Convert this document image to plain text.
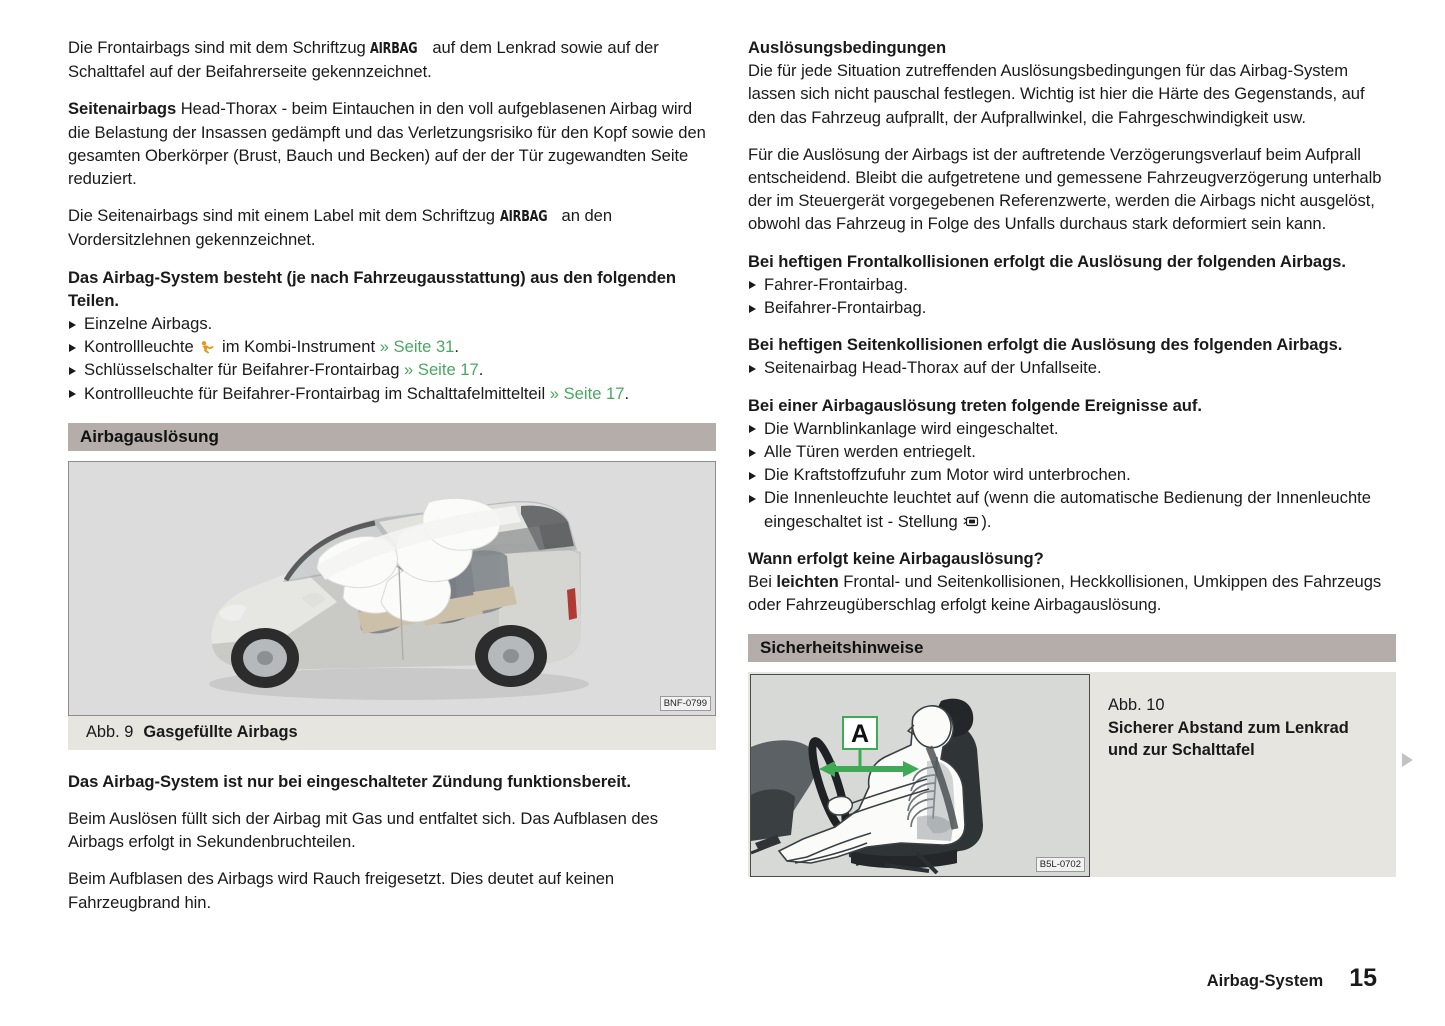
Die Frontairbags sind mit dem Schriftzug AIRBAG auf dem Lenkrad sowie auf der Schalttafel auf der Beifahrerseite gekennzeichnet.

Seitenairbags Head-Thorax - beim Eintauchen in den voll aufgeblasenen Airbag wird die Belastung der Insassen gedämpft und das Verletzungsrisiko für den Kopf sowie den gesamten Oberkörper (Brust, Bauch und Becken) auf der der Tür zugewandten Seite reduziert.

Die Seitenairbags sind mit einem Label mit dem Schriftzug AIRBAG an den Vordersitzlehnen gekennzeichnet.

Das Airbag-System besteht (je nach Fahrzeugausstattung) aus den folgenden Teilen.

Einzelne Airbags.
Kontrollleuchte  im Kombi-Instrument » Seite 31.
Schlüsselschalter für Beifahrer-Frontairbag » Seite 17.
Kontrollleuchte für Beifahrer-Frontairbag im Schalttafelmittelteil » Seite 17.
Airbagauslösung
BNF-0799
Abb. 9 Gasgefüllte Airbags

Das Airbag-System ist nur bei eingeschalteter Zündung funktionsbereit.

Beim Auslösen füllt sich der Airbag mit Gas und entfaltet sich. Das Aufblasen des Airbags erfolgt in Sekundenbruchteilen.

Beim Aufblasen des Airbags wird Rauch freigesetzt. Dies deutet auf keinen Fahrzeugbrand hin.

Auslösungsbedingungen

Die für jede Situation zutreffenden Auslösungsbedingungen für das Airbag-System lassen sich nicht pauschal festlegen. Wichtig ist hier die Härte des Gegenstands, auf den das Fahrzeug aufprallt, der Aufprallwinkel, die Fahrgeschwindigkeit usw.

Für die Auslösung der Airbags ist der auftretende Verzögerungsverlauf beim Aufprall entscheidend. Bleibt die aufgetretene und gemessene Fahrzeugverzögerung unterhalb der im Steuergerät vorgegebenen Referenzwerte, werden die Airbags nicht ausgelöst, obwohl das Fahrzeug in Folge des Unfalls durchaus stark deformiert sein kann.

Bei heftigen Frontalkollisionen erfolgt die Auslösung der folgenden Airbags.

Fahrer-Frontairbag.
Beifahrer-Frontairbag.

Bei heftigen Seitenkollisionen erfolgt die Auslösung des folgenden Airbags.

Seitenairbag Head-Thorax auf der Unfallseite.

Bei einer Airbagauslösung treten folgende Ereignisse auf.

Die Warnblinkanlage wird eingeschaltet.
Alle Türen werden entriegelt.
Die Kraftstoffzufuhr zum Motor wird unterbrochen.
Die Innenleuchte leuchtet auf (wenn die automatische Bedienung der Innenleuchte eingeschaltet ist - Stellung ).

Wann erfolgt keine Airbagauslösung?

Bei leichten Frontal- und Seitenkollisionen, Heckkollisionen, Umkippen des Fahrzeugs oder Fahrzeugüberschlag erfolgt keine Airbagauslösung.

Sicherheitshinweise
A
B5L-0702
Abb. 10
Sicherer Abstand zum Lenkrad
und zur Schalttafel
Airbag-System 15
